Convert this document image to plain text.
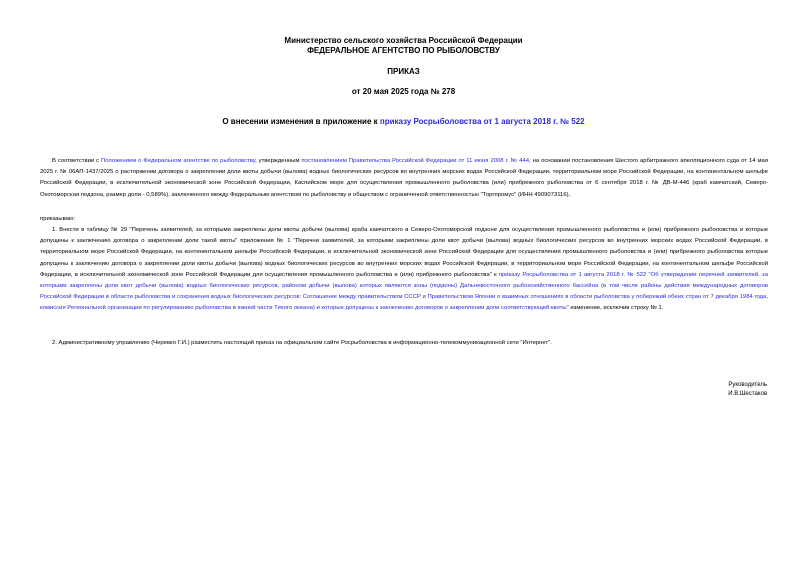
Министерство сельского хозяйства Российской Федерации
ФЕДЕРАЛЬНОЕ АГЕНТСТВО ПО РЫБОЛОВСТВУ
ПРИКАЗ
от 20 мая 2025 года № 278
О внесении изменения в приложение к приказу Росрыболовства от 1 августа 2018 г. № 522
В соответствии с Положением о Федеральном агентстве по рыболовству, утвержденным постановлением Правительства Российской Федерации от 11 июня 2008 г. № 444, на основании постановления Шестого арбитражного апелляционного суда от 14 мая 2025 г. № 06АП-1437/2025 о расторжении договора о закреплении доли квоты добычи (вылова) водных биологических ресурсов во внутренних морских водах Российской Федерации, территориальном море Российской Федерации, на континентальном шельфе Российской Федерации, в исключительной экономической зоне Российской Федерации, Каспийском море для осуществления промышленного рыболовства (или) прибрежного рыболовства от 6 сентября 2018 г. № ДВ-М-446 (краб камчатский, Северо-Охотоморская подзона, размер доли - 0,589%), заключенного между Федеральным агентством по рыболовству и обществом с ограниченной ответственностью "Торгпромус" (ИНН 4909073116),
приказываю:
1. Внести в таблицу № 29 "Перечень заявителей, за которыми закреплены доли квоты добычи (вылова) краба камчатского в Северо-Охотоморской подзоне для осуществления промышленного рыболовства и (или) прибрежного рыболовства и которые допущены к заключению договора о закреплении доли такой квоты" приложения № 1 "Перечни заявителей, за которыми закреплены доли квот добычи (вылова) водных биологических ресурсов во внутренних морских водах Российской Федерации, в территориальном море Российской Федерации, на континентальном шельфе Российской Федерации, в исключительной экономической зоне Российской Федерации для осуществления промышленного рыболовства и (или) прибрежного рыболовства которые допущены к заключению договора о закреплении доли квоты добычи (вылова) водных биологических ресурсов во внутренних морских водах Российской Федерации, в территориальном море Российской Федерации, на континентальном шельфе Российской Федерации, в исключительной экономической зоне Российской Федерации для осуществления промышленного рыболовства и (или) прибрежного рыболовства" к приказу Росрыболовства от 1 августа 2018 г. № 522 "Об утверждении перечней заявителей, за которыми закреплены доли квот добычи (вылова) водных биологических ресурсов, районом добычи (вылова) которых являются зоны (подзоны) Дальневосточного рыбохозяйственного бассейна (в том числе районы действия международных договоров Российской Федерации в области рыболовства и сохранения водных биологических ресурсов: Соглашение между правительством СССР и Правительством Японии о взаимных отношениях в области рыболовства у побережий обеих стран от 7 декабря 1984 года, комиссия Региональной организации по регулированию рыболовства в южной части Тихого океана) и которые допущены к заключению договоров о закреплении доли соответствующей квоты" изменение, исключив строку № 1.
2. Административному управлению (Черевко Г.И.) разместить настоящий приказ на официальном сайте Росрыболовства в информационно-телекоммуникационной сети "Интернет".
Руководитель
И.В.Шестаков
